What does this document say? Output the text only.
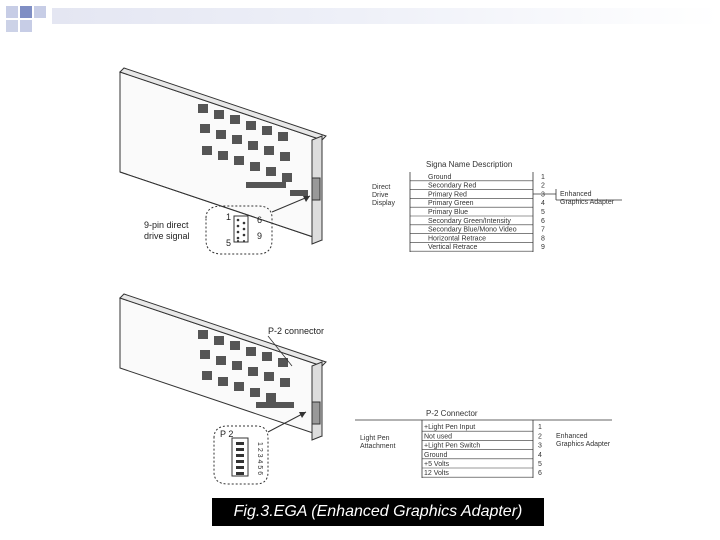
1
5
6
9
9-pin direct
drive signal
Signa Name Description
Direct
Drive
Display
Enhanced
Graphics Adapter
Ground	1
Secondary Red	2
Primary Red	3
Primary Green	4
Primary Blue	5
Secondary Green/Intensity	6
Secondary Blue/Mono Video	7
Horizontal Retrace	8
Vertical Retrace	9
P-2 connector
P 2
1 2 3 4 5 6
P-2 Connector
Light Pen
Attachment
Enhanced
Graphics Adapter
+Light Pen Input	1
Not used	2
+Light Pen Switch	3
Ground	4
+5 Volts	5
12 Volts	6
Fig.3.EGA (Enhanced Graphics Adapter)
